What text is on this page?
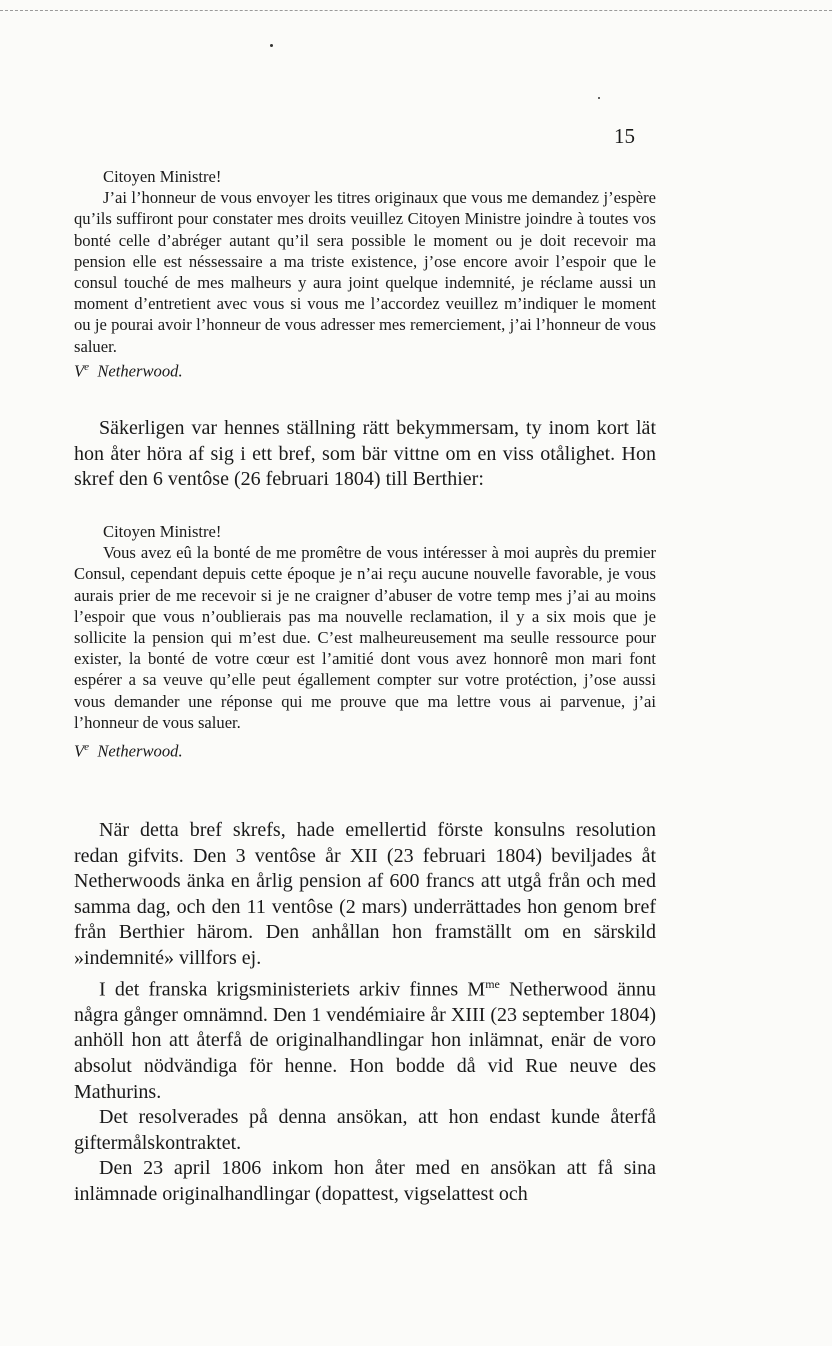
15

Citoyen Ministre!

J’ai l’honneur de vous envoyer les titres originaux que vous me demandez j’espère qu’ils suffiront pour constater mes droits veuillez Citoyen Ministre joindre à toutes vos bonté celle d’abréger autant qu’il sera possible le moment ou je doit recevoir ma pension elle est néssessaire a ma triste existence, j’ose encore avoir l’espoir que le consul touché de mes malheurs y aura joint quelque indemnité, je réclame aussi un moment d’entretient avec vous si vous me l’accordez veuillez m’indiquer le moment ou je pourai avoir l’honneur de vous adresser mes remerciement, j’ai l’honneur de vous saluer.

Ve Netherwood.

Säkerligen var hennes ställning rätt bekymmersam, ty inom kort lät hon åter höra af sig i ett bref, som bär vittne om en viss otålighet. Hon skref den 6 ventôse (26 februari 1804) till Berthier:

Citoyen Ministre!

Vous avez eû la bonté de me promêtre de vous intéresser à moi auprès du premier Consul, cependant depuis cette époque je n’ai reçu aucune nouvelle favorable, je vous aurais prier de me recevoir si je ne craigner d’abuser de votre temp mes j’ai au moins l’espoir que vous n’oublierais pas ma nouvelle reclamation, il y a six mois que je sollicite la pension qui m’est due. C’est malheureusement ma seulle ressource pour exister, la bonté de votre cœur est l’amitié dont vous avez honnorê mon mari font espérer a sa veuve qu’elle peut égallement compter sur votre protéction, j’ose aussi vous demander une réponse qui me prouve que ma lettre vous ai parvenue, j’ai l’honneur de vous saluer.

Ve Netherwood.

När detta bref skrefs, hade emellertid förste konsulns resolution redan gifvits. Den 3 ventôse år XII (23 februari 1804) beviljades åt Netherwoods änka en årlig pension af 600 francs att utgå från och med samma dag, och den 11 ventôse (2 mars) underrättades hon genom bref från Berthier härom. Den anhållan hon framställt om en särskild »indemnité» villfors ej.

I det franska krigsministeriets arkiv finnes $M^{me}$ Netherwood ännu några gånger omnämnd. Den 1 vendémiaire år XIII (23 september 1804) anhöll hon att återfå de originalhandlingar hon inlämnat, enär de voro absolut nödvändiga för henne. Hon bodde då vid Rue neuve des Mathurins.

Det resolverades på denna ansökan, att hon endast kunde återfå giftermålskontraktet.

Den 23 april 1806 inkom hon åter med en ansökan att få sina inlämnade originalhandlingar (dopattest, vigselattest och
